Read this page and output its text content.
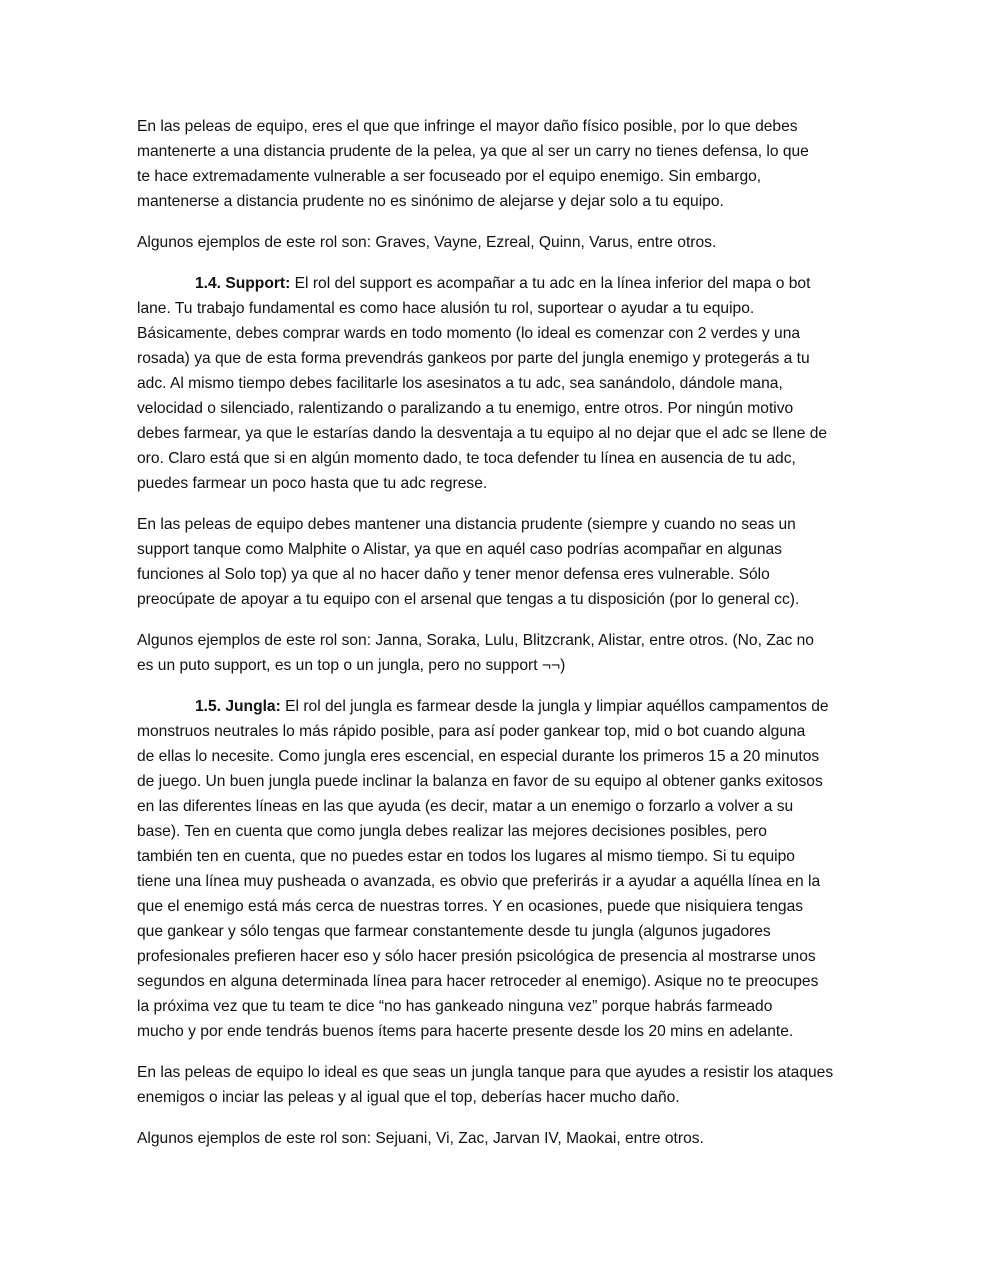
En las peleas de equipo, eres el que que infringe el mayor daño físico posible, por lo que debes
mantenerte a una distancia prudente de la pelea, ya que al ser un carry no tienes defensa, lo que
te hace extremadamente vulnerable a ser focuseado por el equipo enemigo. Sin embargo,
mantenerse a distancia prudente no es sinónimo de alejarse y dejar solo a tu equipo.

Algunos ejemplos de este rol son: Graves, Vayne, Ezreal, Quinn, Varus, entre otros.

1.4. Support: El rol del support es acompañar a tu adc en la línea inferior del mapa o bot
lane. Tu trabajo fundamental es como hace alusión tu rol, suportear o ayudar a tu equipo.
Básicamente, debes comprar wards en todo momento (lo ideal es comenzar con 2 verdes y una
rosada) ya que de esta forma prevendrás gankeos por parte del jungla enemigo y protegerás a tu
adc. Al mismo tiempo debes facilitarle los asesinatos a tu adc, sea sanándolo, dándole mana,
velocidad o silenciado, ralentizando o paralizando a tu enemigo, entre otros. Por ningún motivo
debes farmear, ya que le estarías dando la desventaja a tu equipo al no dejar que el adc se llene de
oro. Claro está que si en algún momento dado, te toca defender tu línea en ausencia de tu adc,
puedes farmear un poco hasta que tu adc regrese.

En las peleas de equipo debes mantener una distancia prudente (siempre y cuando no seas un
support tanque como Malphite o Alistar, ya que en aquél caso podrías acompañar en algunas
funciones al Solo top) ya que al no hacer daño y tener menor defensa eres vulnerable. Sólo
preocúpate de apoyar a tu equipo con el arsenal que tengas a tu disposición (por lo general cc).

Algunos ejemplos de este rol son: Janna, Soraka, Lulu, Blitzcrank, Alistar, entre otros. (No, Zac no
es un puto support, es un top o un jungla, pero no support ¬¬)

1.5. Jungla: El rol del jungla es farmear desde la jungla y limpiar aquéllos campamentos de
monstruos neutrales lo más rápido posible, para así poder gankear top, mid o bot cuando alguna
de ellas lo necesite. Como jungla eres escencial, en especial durante los primeros 15 a 20 minutos
de juego. Un buen jungla puede inclinar la balanza en favor de su equipo al obtener ganks exitosos
en las diferentes líneas en las que ayuda (es decir, matar a un enemigo o forzarlo a volver a su
base). Ten en cuenta que como jungla debes realizar las mejores decisiones posibles, pero
también ten en cuenta, que no puedes estar en todos los lugares al mismo tiempo. Si tu equipo
tiene una línea muy pusheada o avanzada, es obvio que preferirás ir a ayudar a aquélla línea en la
que el enemigo está más cerca de nuestras torres. Y en ocasiones, puede que nisiquiera tengas
que gankear y sólo tengas que farmear constantemente desde tu jungla (algunos jugadores
profesionales prefieren hacer eso y sólo hacer presión psicológica de presencia al mostrarse unos
segundos en alguna determinada línea para hacer retroceder al enemigo). Asique no te preocupes
la próxima vez que tu team te dice “no has gankeado ninguna vez” porque habrás farmeado
mucho y por ende tendrás buenos ítems para hacerte presente desde los 20 mins en adelante.

En las peleas de equipo lo ideal es que seas un jungla tanque para que ayudes a resistir los ataques
enemigos o inciar las peleas y al igual que el top, deberías hacer mucho daño.

Algunos ejemplos de este rol son: Sejuani, Vi, Zac, Jarvan IV, Maokai, entre otros.
